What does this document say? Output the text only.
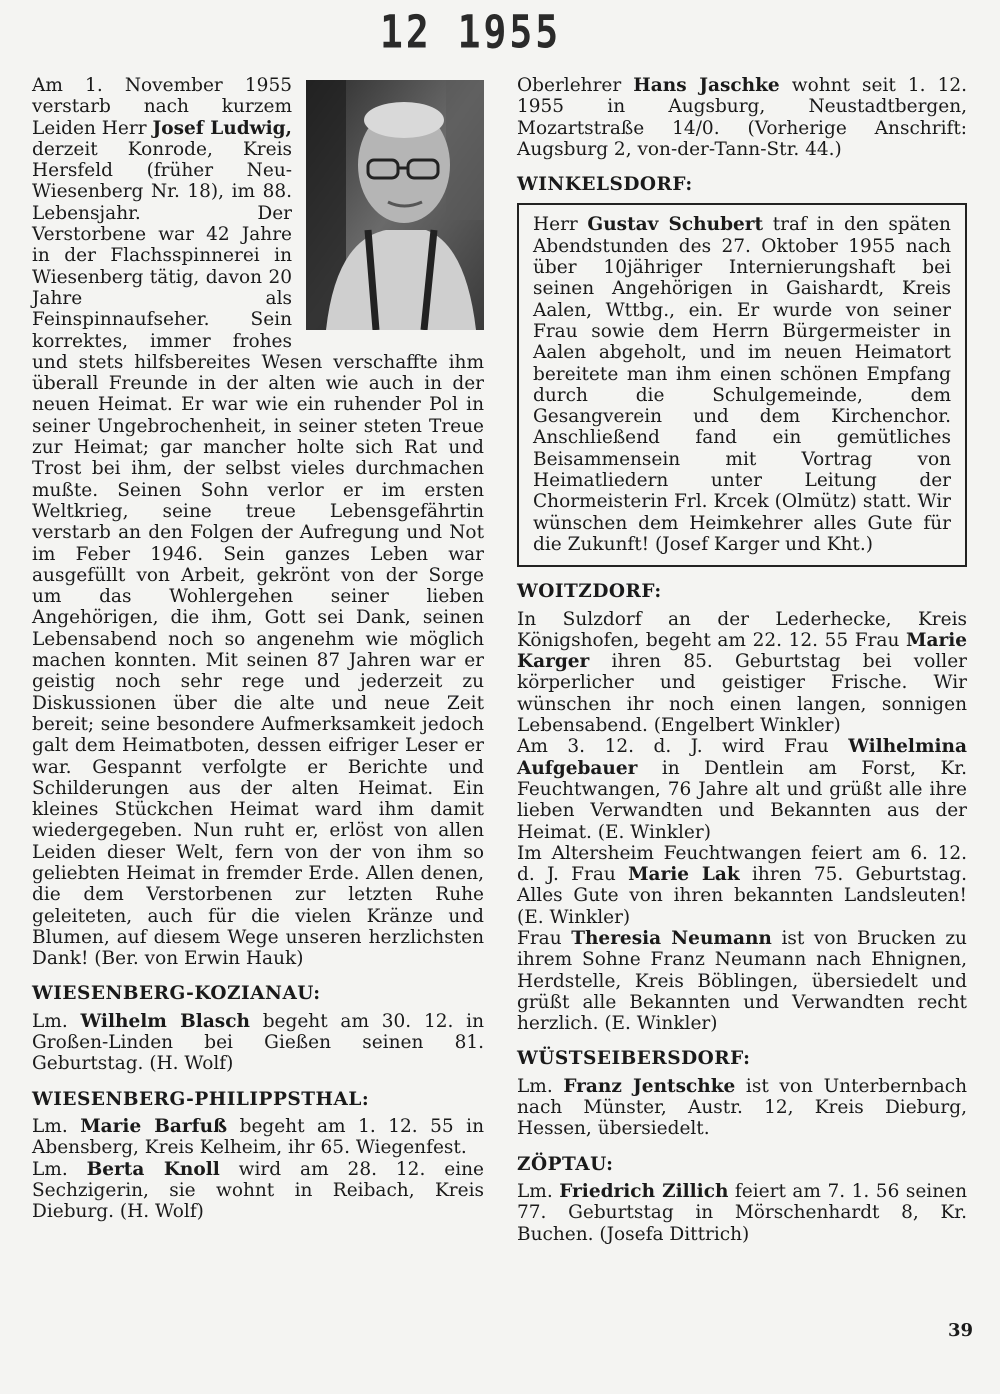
12 1955

Am 1. November 1955 verstarb nach kurzem Leiden Herr Josef Ludwig, derzeit Konrode, Kreis Hersfeld (früher Neu-Wiesenberg Nr. 18), im 88. Lebensjahr. Der Verstorbene war 42 Jahre in der Flachsspinnerei in Wiesenberg tätig, davon 20 Jahre als Feinspinnaufseher. Sein korrektes, immer frohes und stets hilfsbereites Wesen verschaffte ihm überall Freunde in der alten wie auch in der neuen Heimat. Er war wie ein ruhender Pol in seiner Ungebrochenheit, in seiner steten Treue zur Heimat; gar mancher holte sich Rat und Trost bei ihm, der selbst vieles durchmachen mußte. Seinen Sohn verlor er im ersten Weltkrieg, seine treue Lebensgefährtin verstarb an den Folgen der Aufregung und Not im Feber 1946. Sein ganzes Leben war ausgefüllt von Arbeit, gekrönt von der Sorge um das Wohlergehen seiner lieben Angehörigen, die ihm, Gott sei Dank, seinen Lebensabend noch so angenehm wie möglich machen konnten. Mit seinen 87 Jahren war er geistig noch sehr rege und jederzeit zu Diskussionen über die alte und neue Zeit bereit; seine besondere Aufmerksamkeit jedoch galt dem Heimatboten, dessen eifriger Leser er war. Gespannt verfolgte er Berichte und Schilderungen aus der alten Heimat. Ein kleines Stückchen Heimat ward ihm damit wiedergegeben. Nun ruht er, erlöst von allen Leiden dieser Welt, fern von der von ihm so geliebten Heimat in fremder Erde. Allen denen, die dem Verstorbenen zur letzten Ruhe geleiteten, auch für die vielen Kränze und Blumen, auf diesem Wege unseren herzlichsten Dank! (Ber. von Erwin Hauk)

WIESENBERG-KOZIANAU:

Lm. Wilhelm Blasch begeht am 30. 12. in Großen-Linden bei Gießen seinen 81. Geburtstag. (H. Wolf)

WIESENBERG-PHILIPPSTHAL:

Lm. Marie Barfuß begeht am 1. 12. 55 in Abensberg, Kreis Kelheim, ihr 65. Wiegenfest.

Lm. Berta Knoll wird am 28. 12. eine Sechzigerin, sie wohnt in Reibach, Kreis Dieburg. (H. Wolf)

Oberlehrer Hans Jaschke wohnt seit 1. 12. 1955 in Augsburg, Neustadtbergen, Mozartstraße 14/0. (Vorherige Anschrift: Augsburg 2, von-der-Tann-Str. 44.)

WINKELSDORF:

Herr Gustav Schubert traf in den späten Abendstunden des 27. Oktober 1955 nach über 10jähriger Internierungshaft bei seinen Angehörigen in Gaishardt, Kreis Aalen, Wttbg., ein. Er wurde von seiner Frau sowie dem Herrn Bürgermeister in Aalen abgeholt, und im neuen Heimatort bereitete man ihm einen schönen Empfang durch die Schulgemeinde, dem Gesangverein und dem Kirchenchor. Anschließend fand ein gemütliches Beisammensein mit Vortrag von Heimatliedern unter Leitung der Chormeisterin Frl. Krcek (Olmütz) statt. Wir wünschen dem Heimkehrer alles Gute für die Zukunft! (Josef Karger und Kht.)

WOITZDORF:

In Sulzdorf an der Lederhecke, Kreis Königshofen, begeht am 22. 12. 55 Frau Marie Karger ihren 85. Geburtstag bei voller körperlicher und geistiger Frische. Wir wünschen ihr noch einen langen, sonnigen Lebensabend. (Engelbert Winkler)

Am 3. 12. d. J. wird Frau Wilhelmina Aufgebauer in Dentlein am Forst, Kr. Feuchtwangen, 76 Jahre alt und grüßt alle ihre lieben Verwandten und Bekannten aus der Heimat. (E. Winkler)

Im Altersheim Feuchtwangen feiert am 6. 12. d. J. Frau Marie Lak ihren 75. Geburtstag. Alles Gute von ihren bekannten Landsleuten! (E. Winkler)

Frau Theresia Neumann ist von Brucken zu ihrem Sohne Franz Neumann nach Ehnignen, Herdstelle, Kreis Böblingen, übersiedelt und grüßt alle Bekannten und Verwandten recht herzlich. (E. Winkler)

WÜSTSEIBERSDORF:

Lm. Franz Jentschke ist von Unterbernbach nach Münster, Austr. 12, Kreis Dieburg, Hessen, übersiedelt.

ZÖPTAU:

Lm. Friedrich Zillich feiert am 7. 1. 56 seinen 77. Geburtstag in Mörschenhardt 8, Kr. Buchen. (Josefa Dittrich)

39
